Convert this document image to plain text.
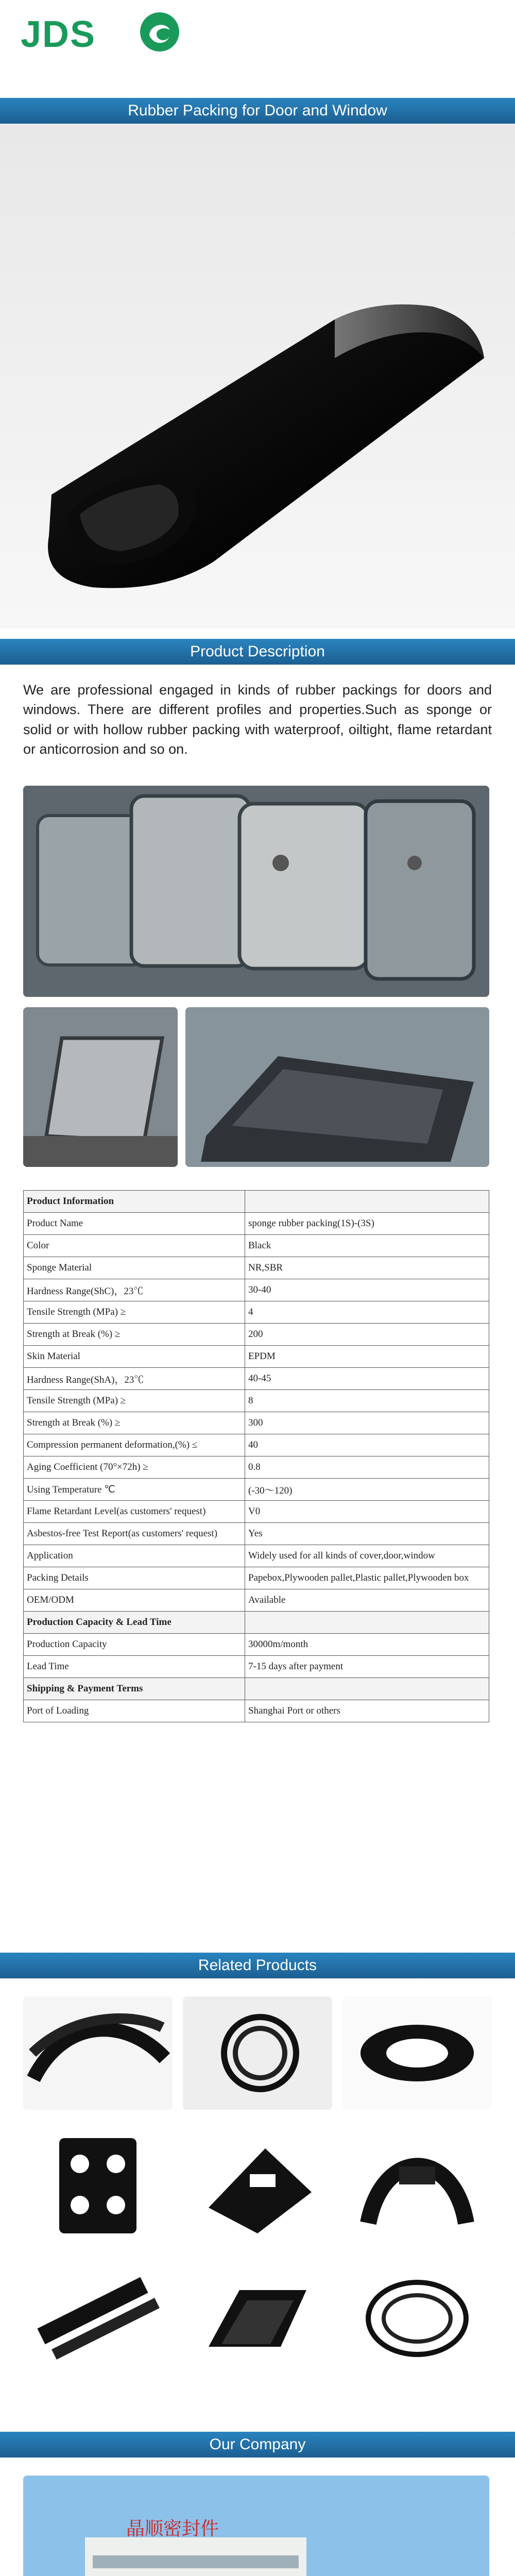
JDS
Rubber Packing for Door and Window
Product Description
We are professional engaged in kinds of rubber packings for doors and windows. There are different profiles and properties.Such as sponge or solid or with hollow rubber packing with waterproof, oiltight, flame retardant or anticorrosion and so on.
Product Information	
Product Name	sponge rubber packing(1S)-(3S)
Color	Black
Sponge Material	NR,SBR
Hardness Range(ShC)，23℃	30-40
Tensile Strength (MPa) ≥	4
Strength at Break (%) ≥	200
Skin Material	EPDM
Hardness Range(ShA)，23℃	40-45
Tensile Strength (MPa) ≥	8
Strength at Break (%) ≥	300
Compression permanent deformation,(%) ≤	40
Aging Coefficient (70°×72h) ≥	0.8
Using Temperature ℃	(-30～120)
Flame Retardant Level(as customers' request)	V0
Asbestos-free Test Report(as customers' request)	Yes
Application	Widely used for all kinds of cover,door,window
Packing Details	Papebox,Plywooden pallet,Plastic pallet,Plywooden box
OEM/ODM	Available
Production Capacity & Lead Time	
Production Capacity	30000m/month
Lead Time	7-15 days after payment
Shipping & Payment Terms	
Port of Loading	Shanghai Port or others
Related Products
Our Company
晶顺密封件
